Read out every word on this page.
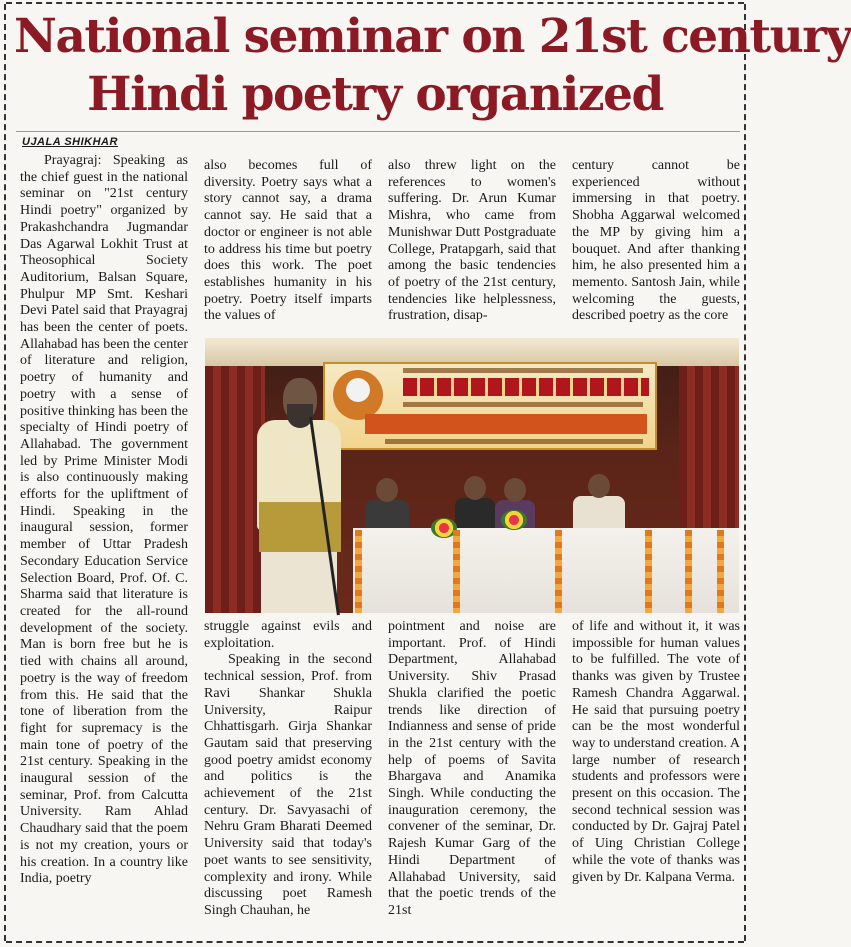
National seminar on 21st century
Hindi poetry organized
UJALA SHIKHAR

Prayagraj: Speaking as the chief guest in the national seminar on "21st century Hindi poetry" organized by Prakashchandra Jugmandar Das Agarwal Lokhit Trust at Theosophical Society Auditorium, Balsan Square, Phulpur MP Smt. Keshari Devi Patel said that Prayagraj has been the center of poets. Allahabad has been the center of literature and religion, poetry of humanity and poetry with a sense of positive thinking has been the specialty of Hindi poetry of Allahabad. The government led by Prime Minister Modi is also continuously making efforts for the upliftment of Hindi. Speaking in the inaugural session, former member of Uttar Pradesh Secondary Education Service Selection Board, Prof. Of. C. Sharma said that literature is created for the all-round development of the society. Man is born free but he is tied with chains all around, poetry is the way of freedom from this. He said that the tone of liberation from the fight for supremacy is the main tone of poetry of the 21st century. Speaking in the inaugural session of the seminar, Prof. from Calcutta University. Ram Ahlad Chaudhary said that the poem is not my creation, yours or his creation. In a country like India, poetry

also becomes full of diversity. Poetry says what a story cannot say, a drama cannot say. He said that a doctor or engineer is not able to address his time but poetry does this work. The poet establishes humanity in his poetry. Poetry itself imparts the values of

also threw light on the references to women's suffering. Dr. Arun Kumar Mishra, who came from Munishwar Dutt Postgraduate College, Pratapgarh, said that among the basic tendencies of poetry of the 21st century, tendencies like helplessness, frustration, disap-

century cannot be experienced without immersing in that poetry. Shobha Aggarwal welcomed the MP by giving him a bouquet. And after thanking him, he also presented him a memento. Santosh Jain, while welcoming the guests, described poetry as the core

struggle against evils and exploitation.

Speaking in the second technical session, Prof. from Ravi Shankar Shukla University, Raipur Chhattisgarh. Girja Shankar Gautam said that preserving good poetry amidst economy and politics is the achievement of the 21st century. Dr. Savyasachi of Nehru Gram Bharati Deemed University said that today's poet wants to see sensitivity, complexity and irony. While discussing poet Ramesh Singh Chauhan, he

pointment and noise are important. Prof. of Hindi Department, Allahabad University. Shiv Prasad Shukla clarified the poetic trends like direction of Indianness and sense of pride in the 21st century with the help of poems of Savita Bhargava and Anamika Singh. While conducting the inauguration ceremony, the convener of the seminar, Dr. Rajesh Kumar Garg of the Hindi Department of Allahabad University, said that the poetic trends of the 21st

of life and without it, it was impossible for human values to be fulfilled. The vote of thanks was given by Trustee Ramesh Chandra Aggarwal. He said that pursuing poetry can be the most wonderful way to understand creation. A large number of research students and professors were present on this occasion. The second technical session was conducted by Dr. Gajraj Patel of Uing Christian College while the vote of thanks was given by Dr. Kalpana Verma.
